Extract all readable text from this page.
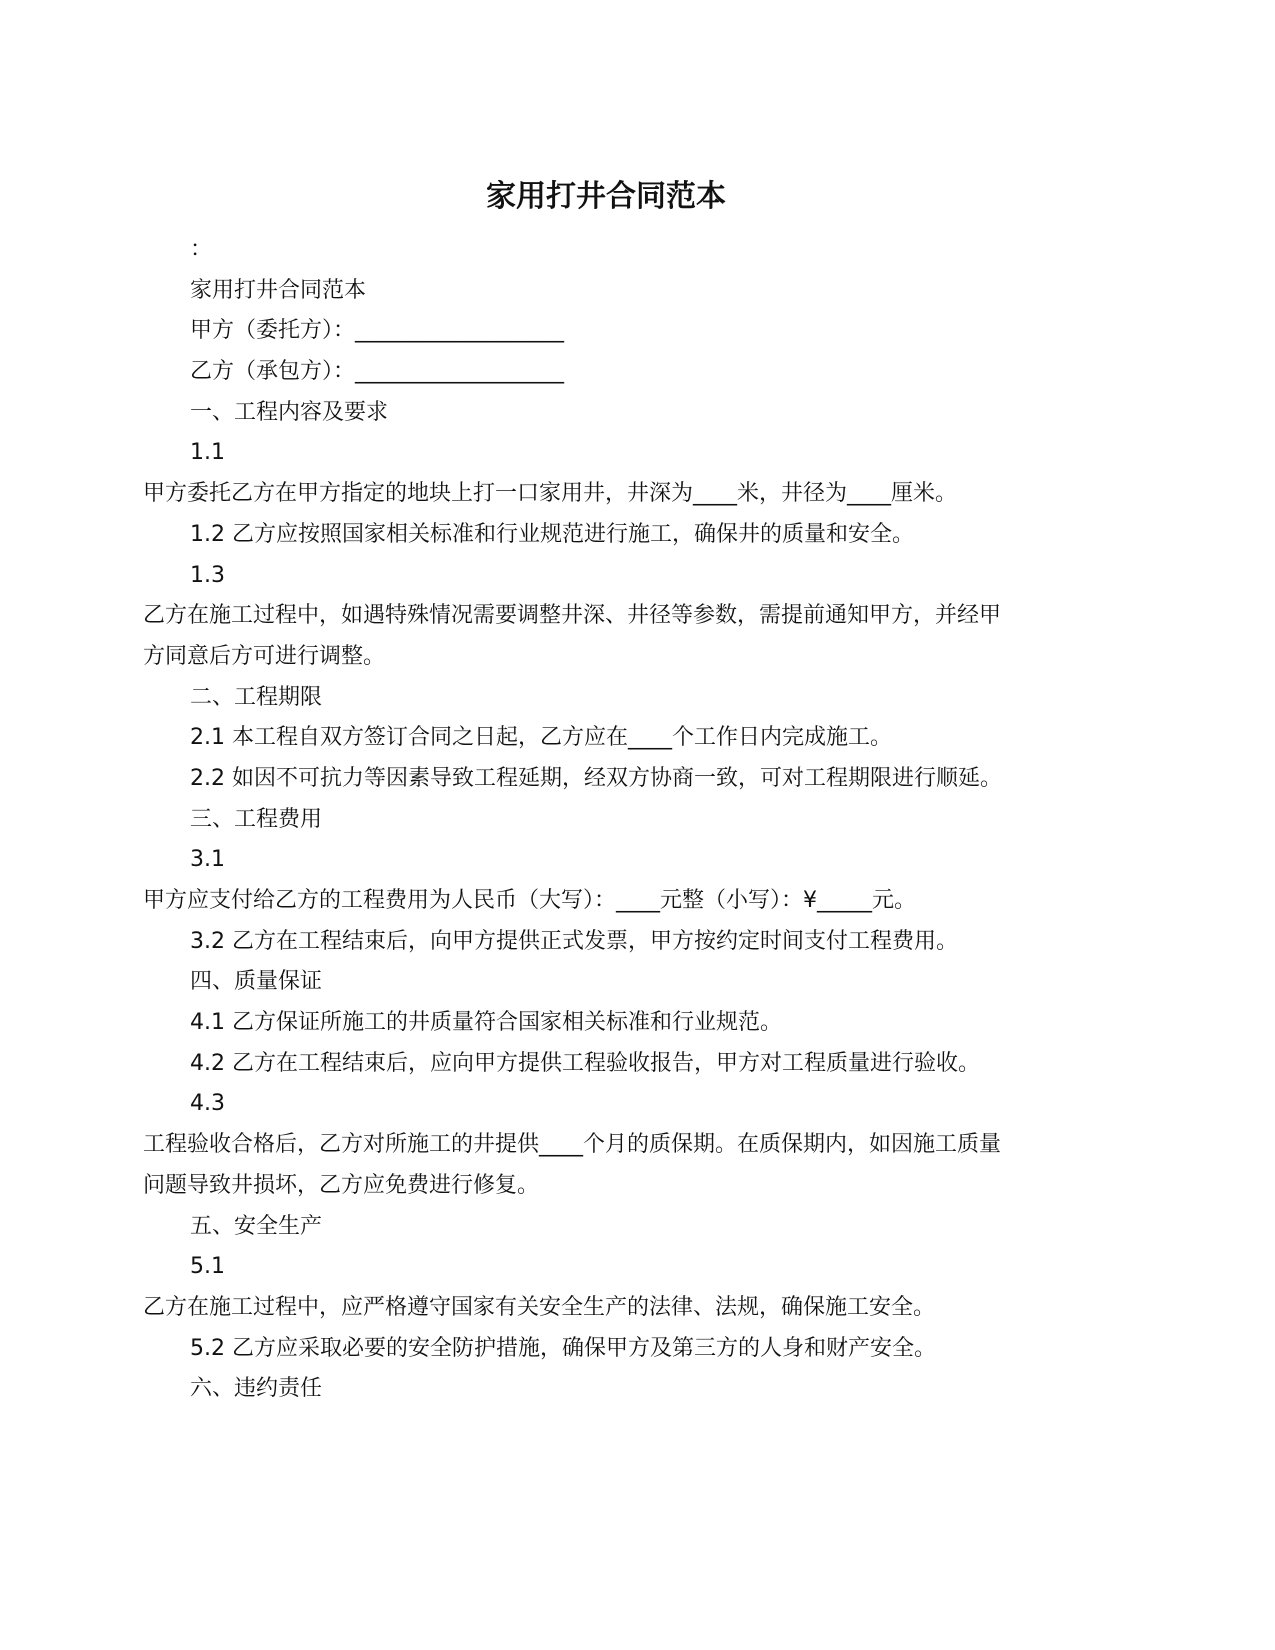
家用打井合同范本
：
家用打井合同范本
甲方（委托方）：___________________
乙方（承包方）：___________________
一、工程内容及要求
1.1
甲方委托乙方在甲方指定的地块上打一口家用井，井深为____米，井径为____厘米。
1.2 乙方应按照国家相关标准和行业规范进行施工，确保井的质量和安全。
1.3
乙方在施工过程中，如遇特殊情况需要调整井深、井径等参数，需提前通知甲方，并经甲
方同意后方可进行调整。
二、工程期限
2.1 本工程自双方签订合同之日起，乙方应在____个工作日内完成施工。
2.2 如因不可抗力等因素导致工程延期，经双方协商一致，可对工程期限进行顺延。
三、工程费用
3.1
甲方应支付给乙方的工程费用为人民币（大写）：____元整（小写）：¥_____元。
3.2 乙方在工程结束后，向甲方提供正式发票，甲方按约定时间支付工程费用。
四、质量保证
4.1 乙方保证所施工的井质量符合国家相关标准和行业规范。
4.2 乙方在工程结束后，应向甲方提供工程验收报告，甲方对工程质量进行验收。
4.3
工程验收合格后，乙方对所施工的井提供____个月的质保期。在质保期内，如因施工质量
问题导致井损坏，乙方应免费进行修复。
五、安全生产
5.1
乙方在施工过程中，应严格遵守国家有关安全生产的法律、法规，确保施工安全。
5.2 乙方应采取必要的安全防护措施，确保甲方及第三方的人身和财产安全。
六、违约责任
